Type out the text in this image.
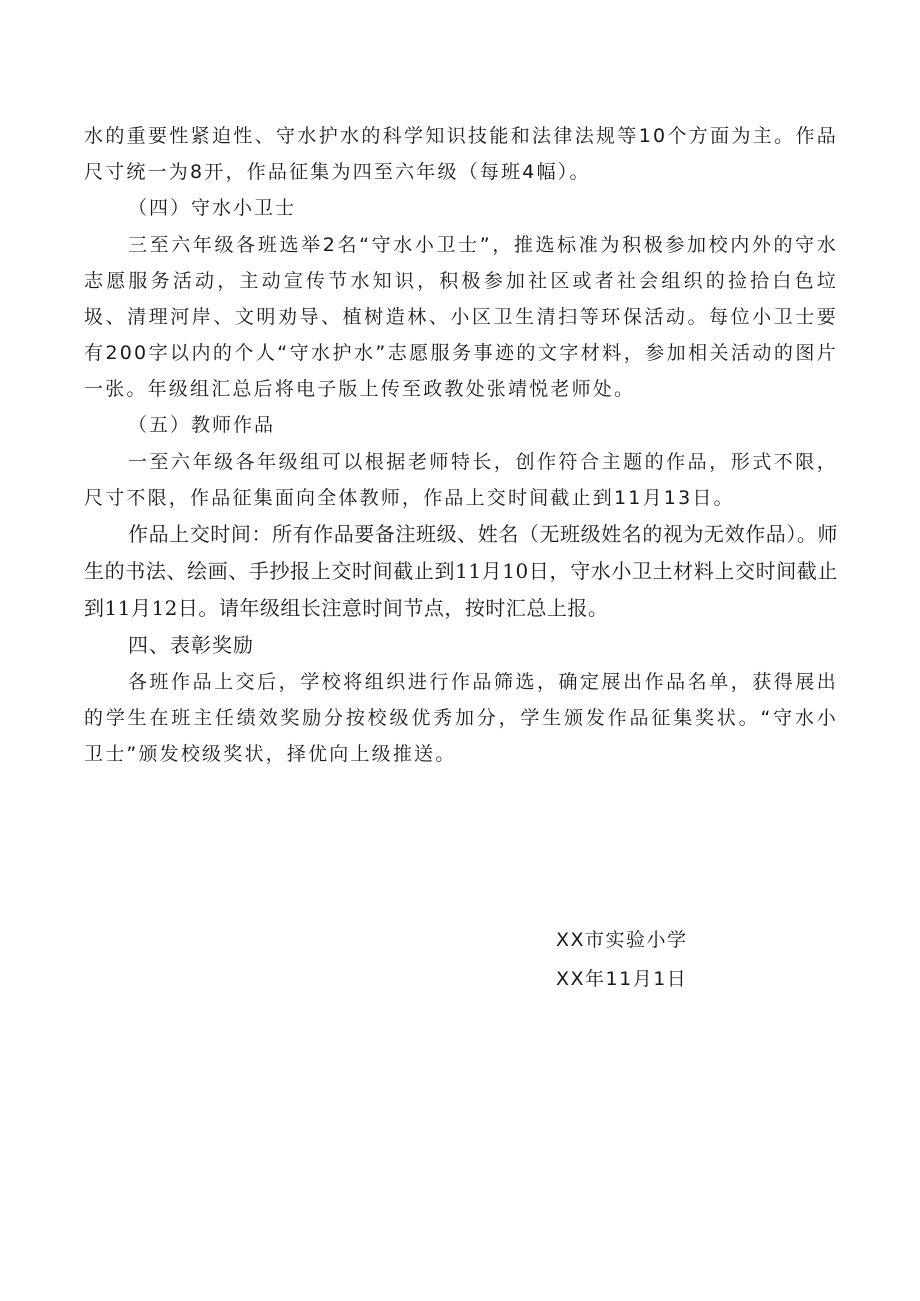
水的重要性紧迫性、守水护水的科学知识技能和法律法规等10个方面为主。作品尺寸统一为8开，作品征集为四至六年级（每班4幅）。

（四）守水小卫士

三至六年级各班选举2名“守水小卫士”，推选标准为积极参加校内外的守水志愿服务活动，主动宣传节水知识，积极参加社区或者社会组织的捡拾白色垃圾、清理河岸、文明劝导、植树造林、小区卫生清扫等环保活动。每位小卫士要有200字以内的个人“守水护水”志愿服务事迹的文字材料，参加相关活动的图片一张。年级组汇总后将电子版上传至政教处张靖悦老师处。

（五）教师作品

一至六年级各年级组可以根据老师特长，创作符合主题的作品，形式不限，尺寸不限，作品征集面向全体教师，作品上交时间截止到11月13日。

作品上交时间：所有作品要备注班级、姓名（无班级姓名的视为无效作品）。师生的书法、绘画、手抄报上交时间截止到11月10日，守水小卫土材料上交时间截止到11月12日。请年级组长注意时间节点，按时汇总上报。

四、表彰奖励

各班作品上交后，学校将组织进行作品筛选，确定展出作品名单，获得展出的学生在班主任绩效奖励分按校级优秀加分，学生颁发作品征集奖状。“守水小卫士”颁发校级奖状，择优向上级推送。

XX市实验小学
XX年11月1日
